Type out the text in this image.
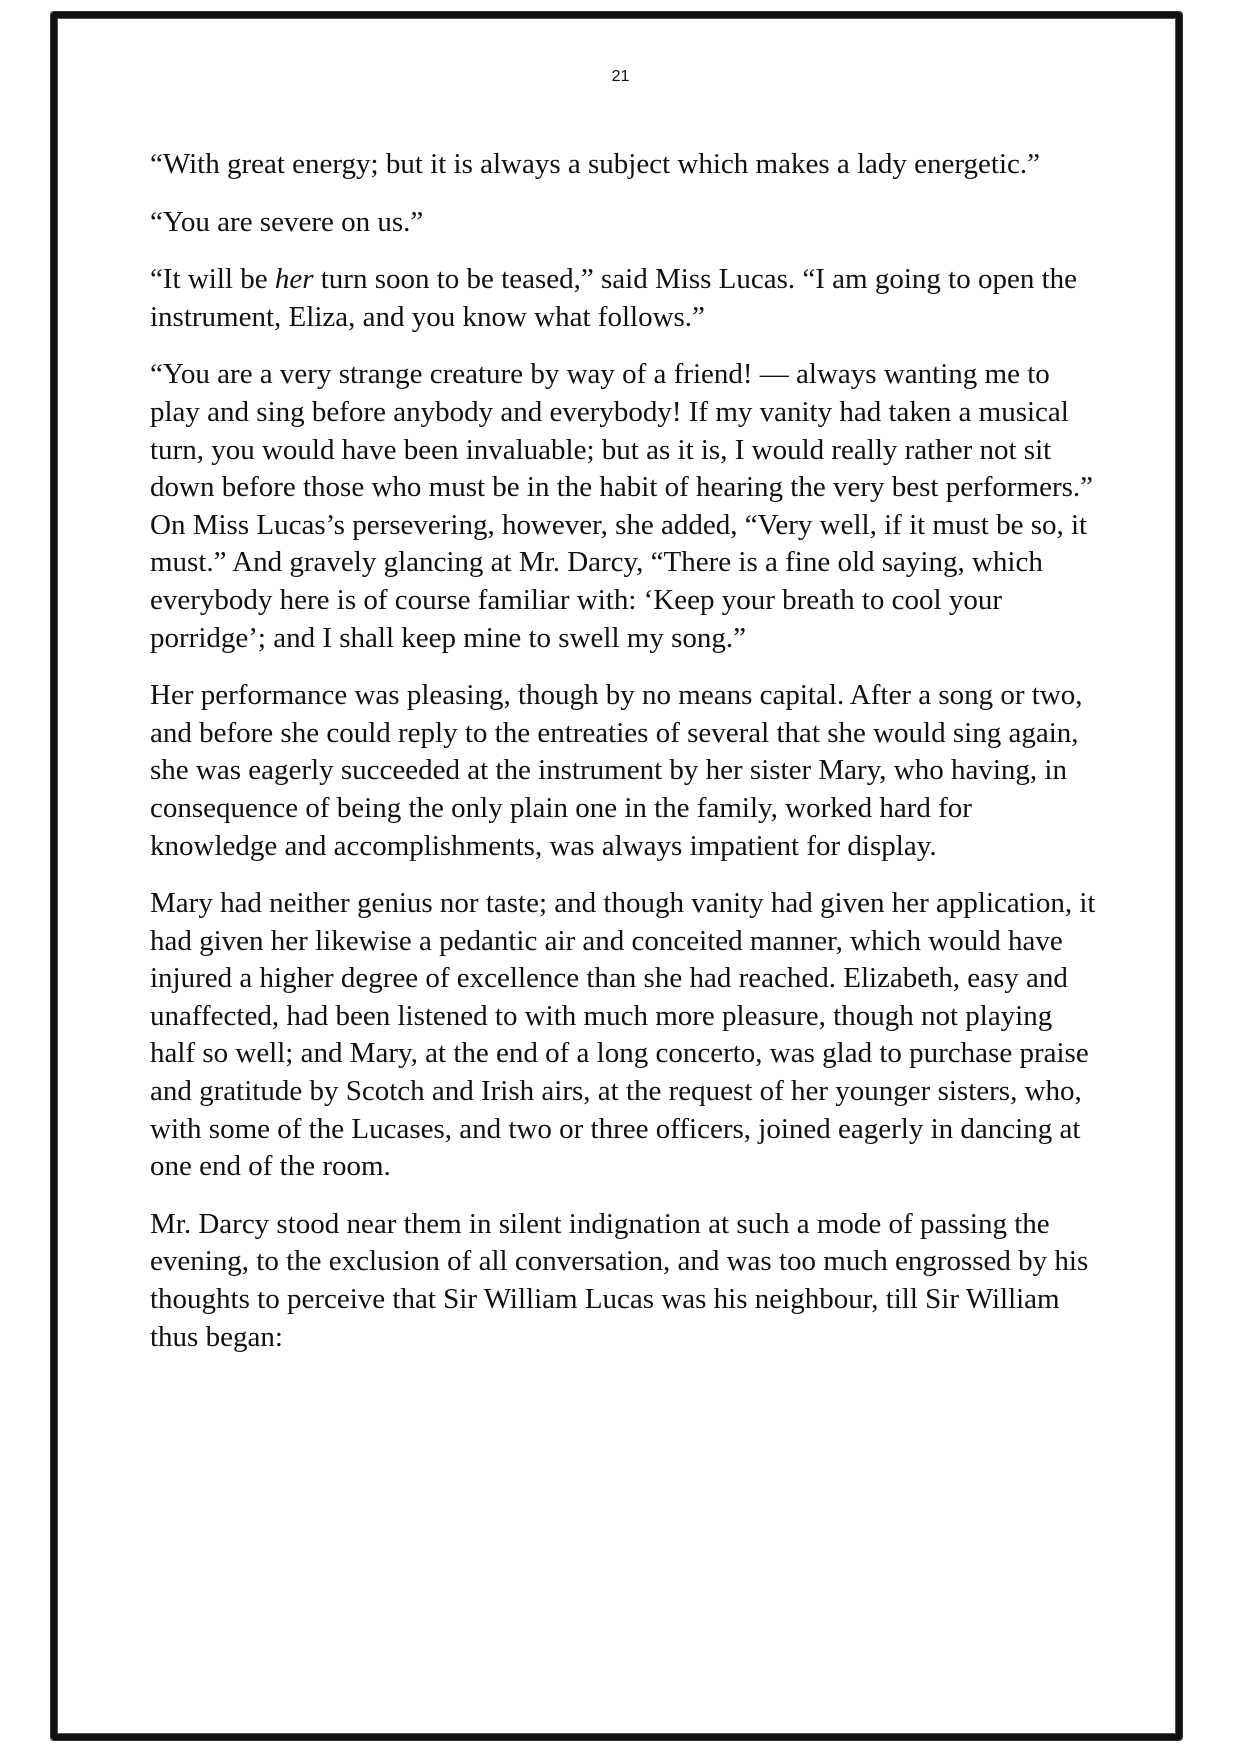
21

“With great energy; but it is always a subject which makes a lady energetic.”

“You are severe on us.”

“It will be her turn soon to be teased,” said Miss Lucas. “I am going to open the instrument, Eliza, and you know what follows.”

“You are a very strange creature by way of a friend! — always wanting me to play and sing before anybody and everybody! If my vanity had taken a musical turn, you would have been invaluable; but as it is, I would really rather not sit down before those who must be in the habit of hearing the very best performers.” On Miss Lucas’s persevering, however, she added, “Very well, if it must be so, it must.” And gravely glancing at Mr. Darcy, “There is a fine old saying, which everybody here is of course familiar with: ‘Keep your breath to cool your porridge’; and I shall keep mine to swell my song.”

Her performance was pleasing, though by no means capital. After a song or two, and before she could reply to the entreaties of several that she would sing again, she was eagerly succeeded at the instrument by her sister Mary, who having, in consequence of being the only plain one in the family, worked hard for knowledge and accomplishments, was always impatient for display.

Mary had neither genius nor taste; and though vanity had given her application, it had given her likewise a pedantic air and conceited manner, which would have injured a higher degree of excellence than she had reached. Elizabeth, easy and unaffected, had been listened to with much more pleasure, though not playing half so well; and Mary, at the end of a long concerto, was glad to purchase praise and gratitude by Scotch and Irish airs, at the request of her younger sisters, who, with some of the Lucases, and two or three officers, joined eagerly in dancing at one end of the room.

Mr. Darcy stood near them in silent indignation at such a mode of passing the evening, to the exclusion of all conversation, and was too much engrossed by his thoughts to perceive that Sir William Lucas was his neighbour, till Sir William thus began:
